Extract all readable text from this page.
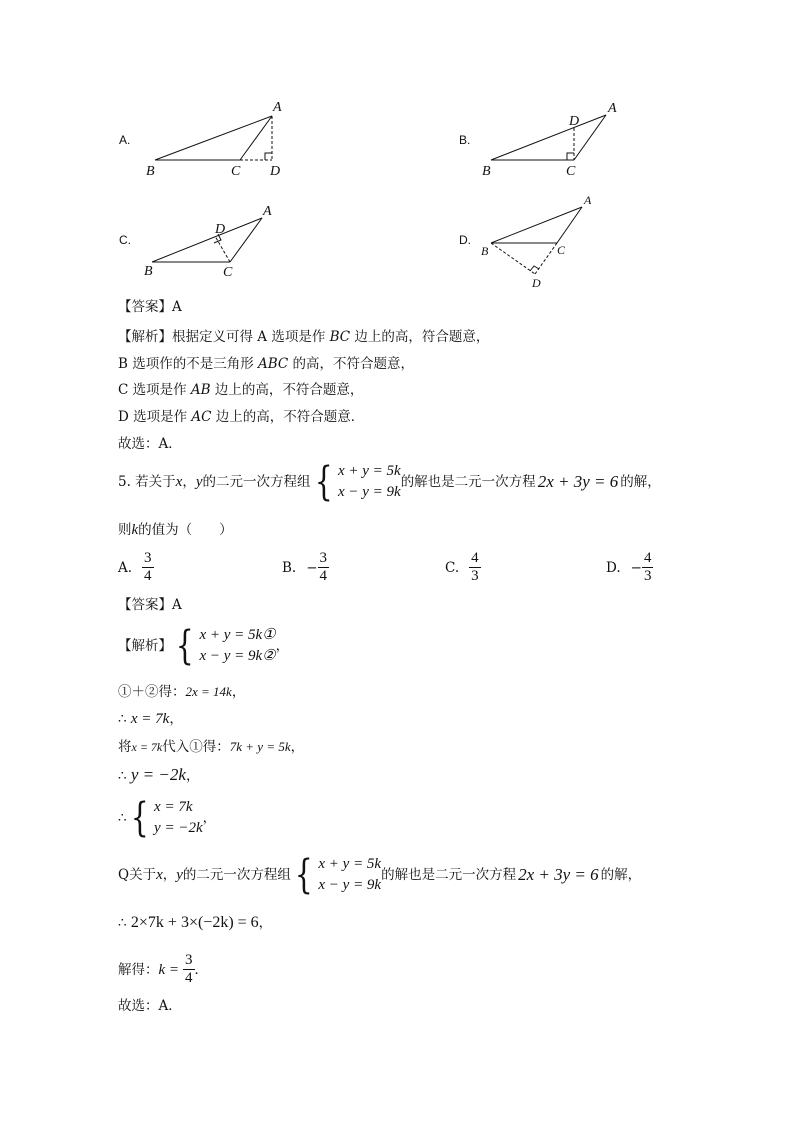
A.
A
B	C D
B.
D
A
B	C
C.
D
A
B	C
D.
A
B	C
D
【答案】A
【解析】根据定义可得 A 选项是作 BC 边上的高，符合题意，
B 选项作的不是三角形 ABC 的高，不符合题意，
C 选项是作 AB 边上的高，不符合题意，
D 选项是作 AC 边上的高，不符合题意．
故选：A．
5. 若关于 x ， y 的二元一次方程组 { x + y = 5k
x − y = 9k
的解也是二元一次方程 2x + 3y = 6 的解，
则k的值为（　　）
A. $\frac{3}{4}$	B. − $\frac{3}{4}$	C. $\frac{4}{3}$	D. − $\frac{4}{3}$
【答案】A
【解析】 { x + y = 5k①
x − y = 9k②
，
①＋②得：2x = 14k，
∴ x = 7k，
将x = 7k代入①得：7k + y = 5k，
∴ y = −2k，
∴ { x = 7k
y = −2k
，
Q关于 x ， y 的二元一次方程组 { x + y = 5k
x − y = 9k
的解也是二元一次方程 2x + 3y = 6 的解，
∴ 2×7k + 3×(−2k) = 6，
解得： $k = \frac{3}{4}$ ．
故选：A．
